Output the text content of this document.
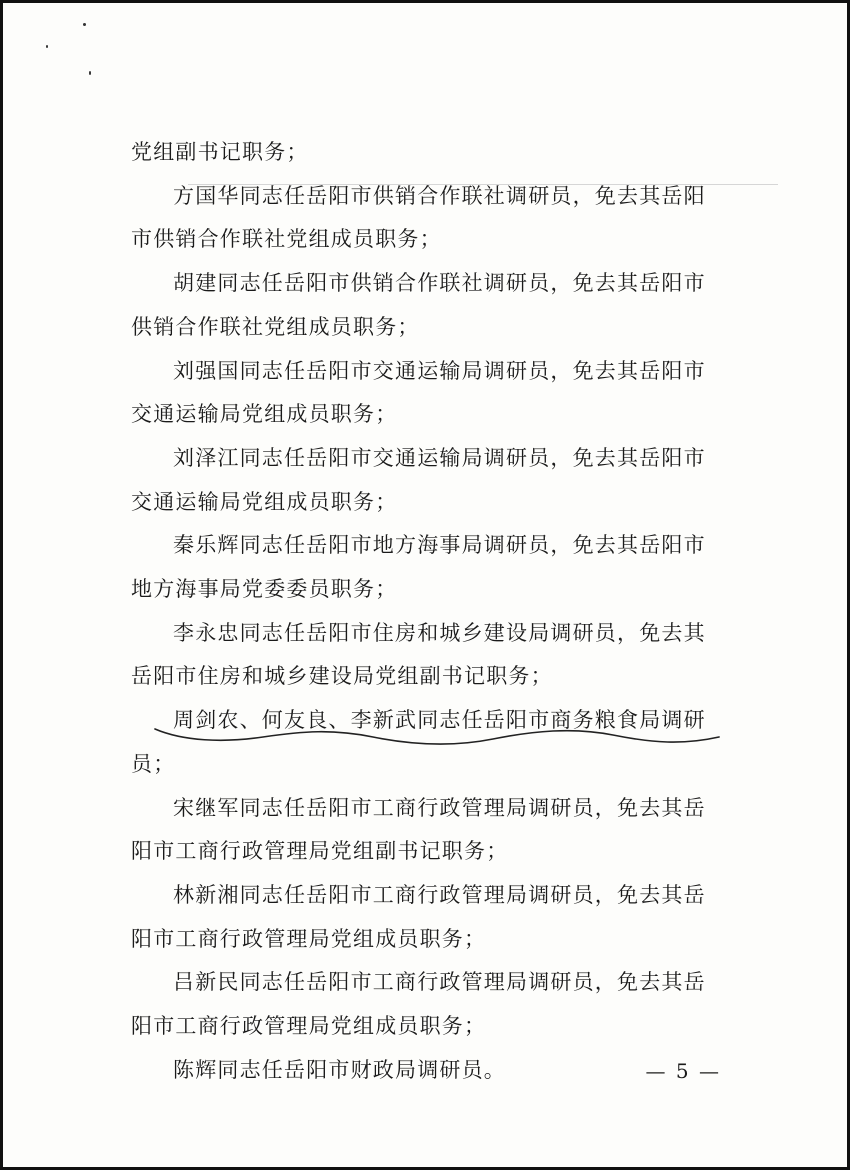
党组副书记职务；

方国华同志任岳阳市供销合作联社调研员，免去其岳阳市供销合作联社党组成员职务；

胡建同志任岳阳市供销合作联社调研员，免去其岳阳市供销合作联社党组成员职务；

刘强国同志任岳阳市交通运输局调研员，免去其岳阳市交通运输局党组成员职务；

刘泽江同志任岳阳市交通运输局调研员，免去其岳阳市交通运输局党组成员职务；

秦乐辉同志任岳阳市地方海事局调研员，免去其岳阳市地方海事局党委委员职务；

李永忠同志任岳阳市住房和城乡建设局调研员，免去其岳阳市住房和城乡建设局党组副书记职务；

周剑农、何友良、李新武同志任岳阳市商务粮食局调研员；

宋继军同志任岳阳市工商行政管理局调研员，免去其岳阳市工商行政管理局党组副书记职务；

林新湘同志任岳阳市工商行政管理局调研员，免去其岳阳市工商行政管理局党组成员职务；

吕新民同志任岳阳市工商行政管理局调研员，免去其岳阳市工商行政管理局党组成员职务；

陈辉同志任岳阳市财政局调研员。	— 5 —
